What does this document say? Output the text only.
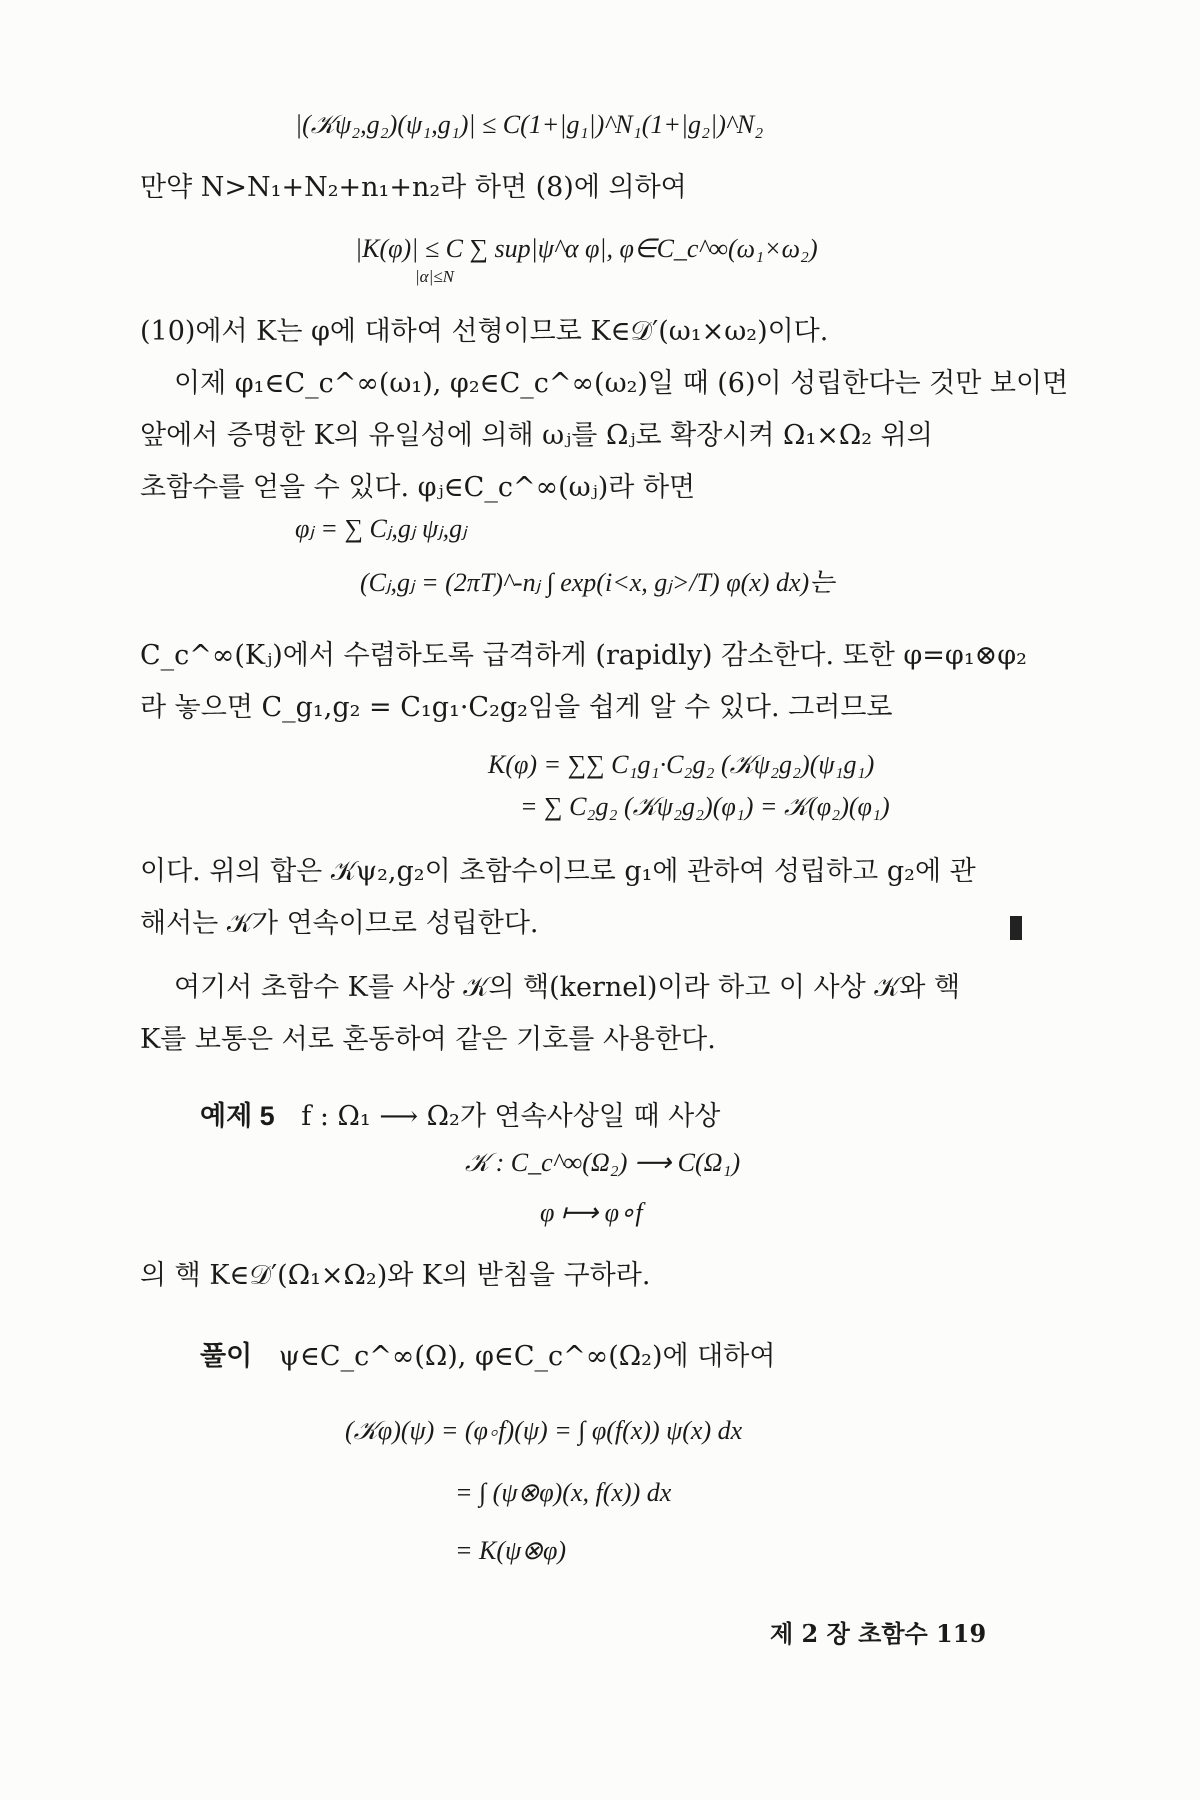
|(𝒦ψ₂,g₂)(ψ₁,g₁)| ≤ C(1+|g₁|)^N₁(1+|g₂|)^N₂
만약 N>N₁+N₂+n₁+n₂라 하면 (8)에 의하여
|K(φ)| ≤ C ∑ sup|ψ^α φ|, φ∈C_c^∞(ω₁×ω₂)
|α|≤N

(10)에서 K는 φ에 대하여 선형이므로 K∈𝒟′(ω₁×ω₂)이다.

이제 φ₁∈C_c^∞(ω₁), φ₂∈C_c^∞(ω₂)일 때 (6)이 성립한다는 것만 보이면

앞에서 증명한 K의 유일성에 의해 ωⱼ를 Ωⱼ로 확장시켜 Ω₁×Ω₂ 위의

초함수를 얻을 수 있다. φⱼ∈C_c^∞(ωⱼ)라 하면

φⱼ = ∑ Cⱼ,gⱼ ψⱼ,gⱼ
(Cⱼ,gⱼ = (2πT)^-nⱼ ∫ exp(i<x, gⱼ>/T) φ(x) dx)는

C_c^∞(Kⱼ)에서 수렴하도록 급격하게 (rapidly) 감소한다. 또한 φ=φ₁⊗φ₂

라 놓으면 C_g₁,g₂ = C₁g₁·C₂g₂임을 쉽게 알 수 있다. 그러므로

K(φ) = ∑∑ C₁g₁·C₂g₂ (𝒦ψ₂g₂)(ψ₁g₁)
= ∑ C₂g₂ (𝒦ψ₂g₂)(φ₁) = 𝒦(φ₂)(φ₁)

이다. 위의 합은 𝒦ψ₂,g₂이 초함수이므로 g₁에 관하여 성립하고 g₂에 관

해서는 𝒦가 연속이므로 성립한다.

여기서 초함수 K를 사상 𝒦의 핵(kernel)이라 하고 이 사상 𝒦와 핵

K를 보통은 서로 혼동하여 같은 기호를 사용한다.

예제 5 f : Ω₁ ⟶ Ω₂가 연속사상일 때 사상
𝒦 : C_c^∞(Ω₂) ⟶ C(Ω₁)
φ ⟼ φ∘f
의 핵 K∈𝒟′(Ω₁×Ω₂)와 K의 받침을 구하라.
풀이 ψ∈C_c^∞(Ω), φ∈C_c^∞(Ω₂)에 대하여
(𝒦φ)(ψ) = (φ∘f)(ψ) = ∫ φ(f(x)) ψ(x) dx
= ∫ (ψ⊗φ)(x, f(x)) dx
= K(ψ⊗φ)
제 2 장 초함수 119
